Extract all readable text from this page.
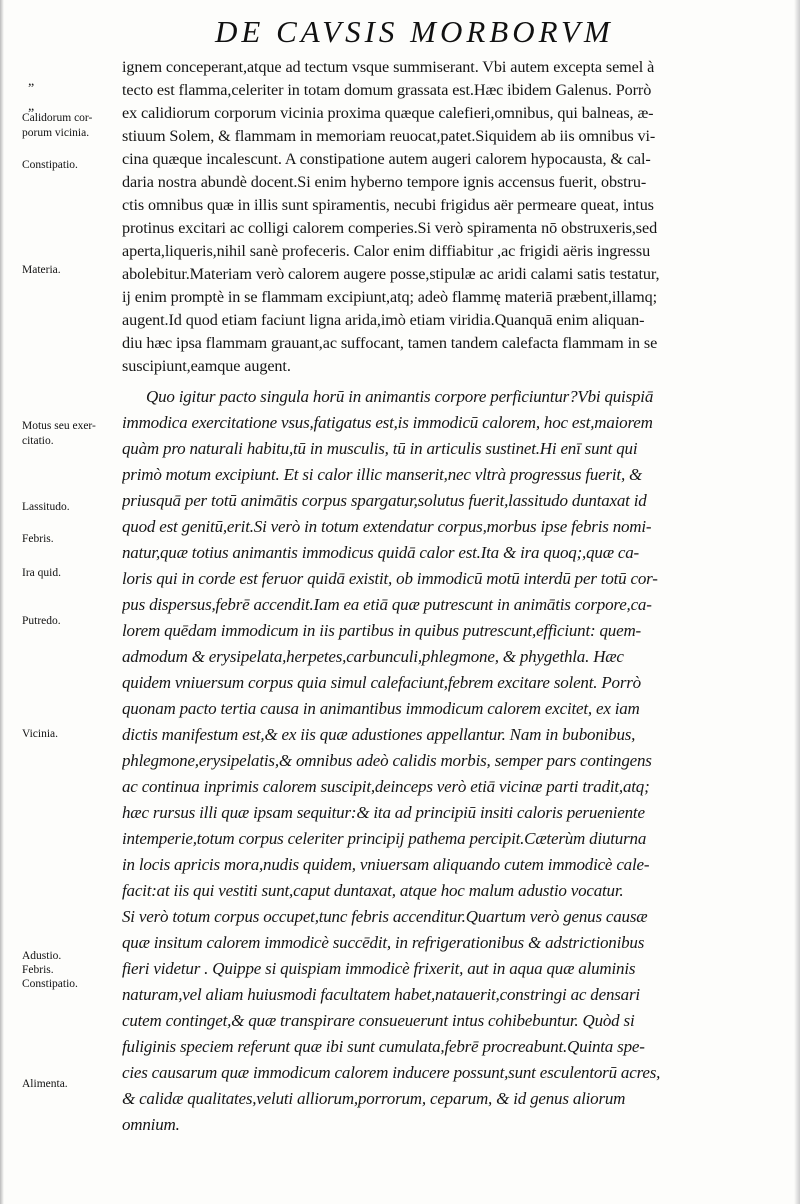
DE CAVSIS MORBORVM
„
„
Calidorum cor-
porum vicinia.
Constipatio.
Materia.
Motus seu exer-
citatio.
Lassitudo.
Febris.
Ira quid.
Putredo.
Vicinia.
Adustio.
Febris.
Constipatio.
Alimenta.
ignem conceperant,atque ad tectum vsque summiserant. Vbi autem excepta semel à
tecto est flamma,celeriter in totam domum grassata est.Hæc ibidem Galenus. Porrò
ex calidiorum corporum vicinia proxima quæque calefieri,omnibus, qui balneas, æ-
stiuum Solem, & flammam in memoriam reuocat,patet.Siquidem ab iis omnibus vi-
cina quæque incalescunt. A constipatione autem augeri calorem hypocausta, & cal-
daria nostra abundè docent.Si enim hyberno tempore ignis accensus fuerit, obstru-
ctis omnibus quæ in illis sunt spiramentis, necubi frigidus aër permeare queat, intus
protinus excitari ac colligi calorem comperies.Si verò spiramenta nō obstruxeris,sed
aperta,liqueris,nihil sanè profeceris. Calor enim diffiabitur ,ac frigidi aëris ingressu
abolebitur.Materiam verò calorem augere posse,stipulæ ac aridi calami satis testatur,
ij enim promptè in se flammam excipiunt,atq; adeò flammę materiā præbent,illamq;
augent.Id quod etiam faciunt ligna arida,imò etiam viridia.Quanquā enim aliquan-
diu hæc ipsa flammam grauant,ac suffocant, tamen tandem calefacta flammam in se
suscipiunt,eamque augent.
Quo igitur pacto singula horū in animantis corpore perficiuntur?Vbi quispiā
immodica exercitatione vsus,fatigatus est,is immodicū calorem, hoc est,maiorem
quàm pro naturali habitu,tū in musculis, tū in articulis sustinet.Hi enī sunt qui
primò motum excipiunt. Et si calor illic manserit,nec vltrà progressus fuerit, &
priusquā per totū animātis corpus spargatur,solutus fuerit,lassitudo duntaxat id
quod est genitū,erit.Si verò in totum extendatur corpus,morbus ipse febris nomi-
natur,quæ totius animantis immodicus quidā calor est.Ita & ira quoq;,quæ ca-
loris qui in corde est feruor quidā existit, ob immodicū motū interdū per totū cor-
pus dispersus,febrē accendit.Iam ea etiā quæ putrescunt in animātis corpore,ca-
lorem quēdam immodicum in iis partibus in quibus putrescunt,efficiunt: quem-
admodum & erysipelata,herpetes,carbunculi,phlegmone, & phygethla. Hæc
quidem vniuersum corpus quia simul calefaciunt,febrem excitare solent. Porrò
quonam pacto tertia causa in animantibus immodicum calorem excitet, ex iam
dictis manifestum est,& ex iis quæ adustiones appellantur. Nam in bubonibus,
phlegmone,erysipelatis,& omnibus adeò calidis morbis, semper pars contingens
ac continua inprimis calorem suscipit,deinceps verò etiā vicinæ parti tradit,atq;
hæc rursus illi quæ ipsam sequitur:& ita ad principiū insiti caloris perueniente
intemperie,totum corpus celeriter principij pathema percipit.Cæterùm diuturna
in locis apricis mora,nudis quidem, vniuersam aliquando cutem immodicè cale-
facit:at iis qui vestiti sunt,caput duntaxat, atque hoc malum adustio vocatur.
Si verò totum corpus occupet,tunc febris accenditur.Quartum verò genus causæ
quæ insitum calorem immodicè succēdit, in refrigerationibus & adstrictionibus
fieri videtur . Quippe si quispiam immodicè frixerit, aut in aqua quæ aluminis
naturam,vel aliam huiusmodi facultatem habet,natauerit,constringi ac densari
cutem continget,& quæ transpirare consueuerunt intus cohibebuntur. Quòd si
fuliginis speciem referunt quæ ibi sunt cumulata,febrē procreabunt.Quinta spe-
cies causarum quæ immodicum calorem inducere possunt,sunt esculentorū acres,
& calidæ qualitates,veluti alliorum,porrorum, ceparum, & id genus aliorum
omnium.
